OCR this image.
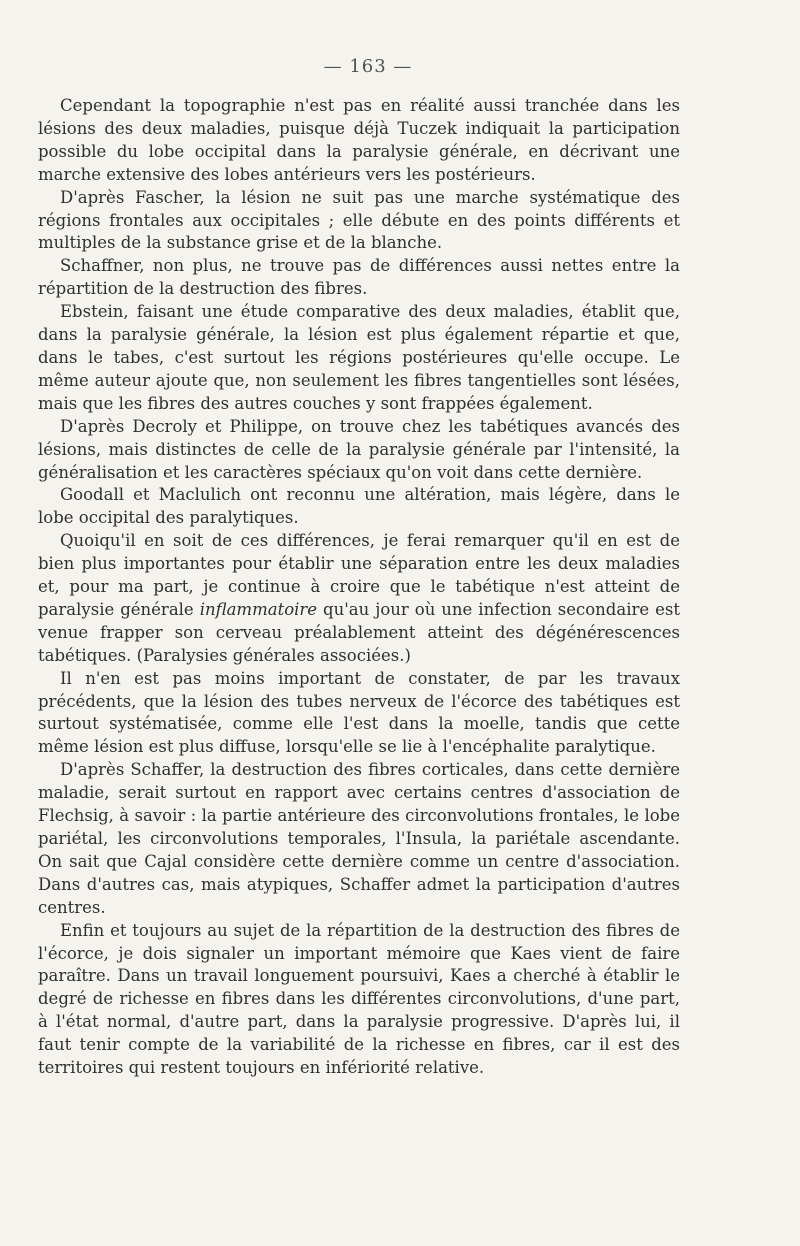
— 163 —

Cependant la topographie n'est pas en réalité aussi tranchée dans les lésions des deux maladies, puisque déjà Tuczek indiquait la participation possible du lobe occipital dans la paralysie générale, en décrivant une marche extensive des lobes antérieurs vers les postérieurs.

D'après Fascher, la lésion ne suit pas une marche systématique des régions frontales aux occipitales ; elle débute en des points différents et multiples de la substance grise et de la blanche.

Schaffner, non plus, ne trouve pas de différences aussi nettes entre la répartition de la destruction des fibres.

Ebstein, faisant une étude comparative des deux maladies, établit que, dans la paralysie générale, la lésion est plus également répartie et que, dans le tabes, c'est surtout les régions postérieures qu'elle occupe. Le même auteur ajoute que, non seulement les fibres tangentielles sont lésées, mais que les fibres des autres couches y sont frappées également.

D'après Decroly et Philippe, on trouve chez les tabétiques avancés des lésions, mais distinctes de celle de la paralysie générale par l'intensité, la généralisation et les caractères spéciaux qu'on voit dans cette dernière.

Goodall et Maclulich ont reconnu une altération, mais légère, dans le lobe occipital des paralytiques.

Quoiqu'il en soit de ces différences, je ferai remarquer qu'il en est de bien plus importantes pour établir une séparation entre les deux maladies et, pour ma part, je continue à croire que le tabétique n'est atteint de paralysie générale inflammatoire qu'au jour où une infection secondaire est venue frapper son cerveau préalablement atteint des dégénérescences tabétiques. (Paralysies générales associées.)

Il n'en est pas moins important de constater, de par les travaux précédents, que la lésion des tubes nerveux de l'écorce des tabétiques est surtout systématisée, comme elle l'est dans la moelle, tandis que cette même lésion est plus diffuse, lorsqu'elle se lie à l'encéphalite paralytique.

D'après Schaffer, la destruction des fibres corticales, dans cette dernière maladie, serait surtout en rapport avec certains centres d'association de Flechsig, à savoir : la partie antérieure des circonvolutions frontales, le lobe pariétal, les circonvolutions temporales, l'Insula, la pariétale ascendante. On sait que Cajal considère cette dernière comme un centre d'association. Dans d'autres cas, mais atypiques, Schaffer admet la participation d'autres centres.

Enfin et toujours au sujet de la répartition de la destruction des fibres de l'écorce, je dois signaler un important mémoire que Kaes vient de faire paraître. Dans un travail longuement poursuivi, Kaes a cherché à établir le degré de richesse en fibres dans les différentes circonvolutions, d'une part, à l'état normal, d'autre part, dans la paralysie progressive. D'après lui, il faut tenir compte de la variabilité de la richesse en fibres, car il est des territoires qui restent toujours en infériorité relative.
